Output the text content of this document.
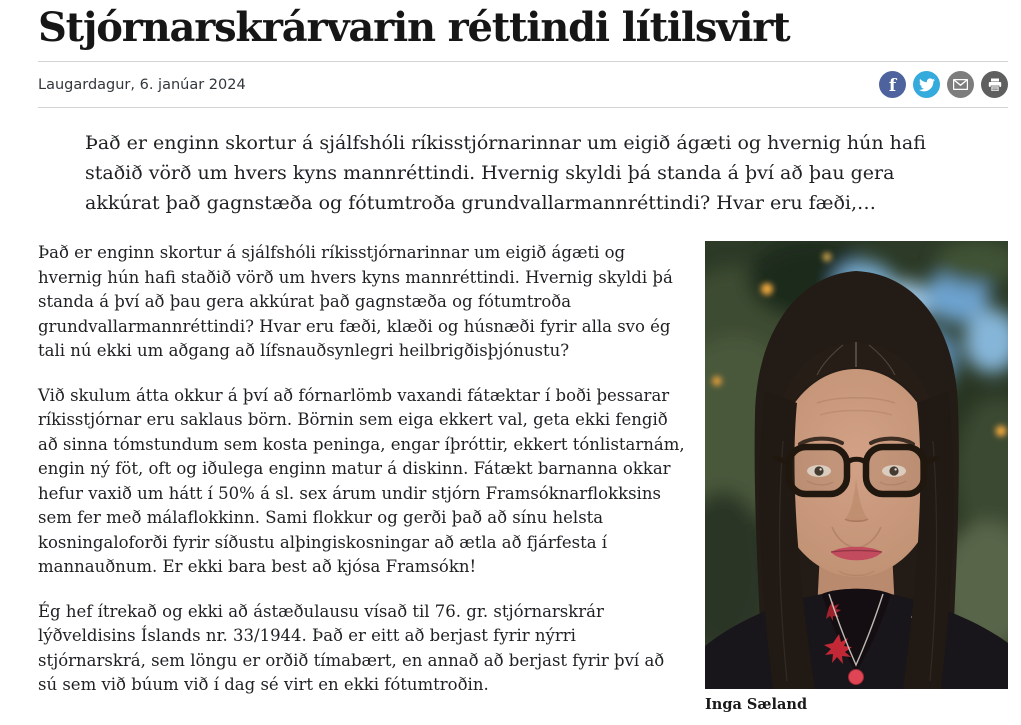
Stjórnarskrárvarin réttindi lítilsvirt
Laugardagur, 6. janúar 2024	f
Það er enginn skortur á sjálfshóli ríkisstjórnarinnar um eigið ágæti og hvernig hún hafi staðið vörð um hvers kyns mannréttindi. Hvernig skyldi þá standa á því að þau gera akkúrat það gagnstæða og fótumtroða grundvallarmannréttindi? Hvar eru fæði,…

Það er enginn skortur á sjálfshóli ríkisstjórnarinnar um eigið ágæti og hvernig hún hafi staðið vörð um hvers kyns mannréttindi. Hvernig skyldi þá standa á því að þau gera akkúrat það gagnstæða og fótumtroða grundvallarmannréttindi? Hvar eru fæði, klæði og húsnæði fyrir alla svo ég tali nú ekki um aðgang að lífsnauðsynlegri heilbrigðisþjónustu?

Við skulum átta okkur á því að fórnarlömb vaxandi fátæktar í boði þessarar ríkisstjórnar eru saklaus börn. Börnin sem eiga ekkert val, geta ekki fengið að sinna tómstundum sem kosta peninga, engar íþróttir, ekkert tónlistarnám, engin ný föt, oft og iðulega enginn matur á diskinn. Fátækt barnanna okkar hefur vaxið um hátt í 50% á sl. sex árum undir stjórn Framsóknarflokksins sem fer með málaflokkinn. Sami flokkur og gerði það að sínu helsta kosningaloforði fyrir síðustu alþingiskosningar að ætla að fjárfesta í mannauðnum. Er ekki bara best að kjósa Framsókn!

Ég hef ítrekað og ekki að ástæðulausu vísað til 76. gr. stjórnarskrár lýðveldisins Íslands nr. 33/1944. Það er eitt að berjast fyrir nýrri stjórnarskrá, sem löngu er orðið tímabært, en annað að berjast fyrir því að sú sem við búum við í dag sé virt en ekki fótumtroðin.

Inga Sæland
